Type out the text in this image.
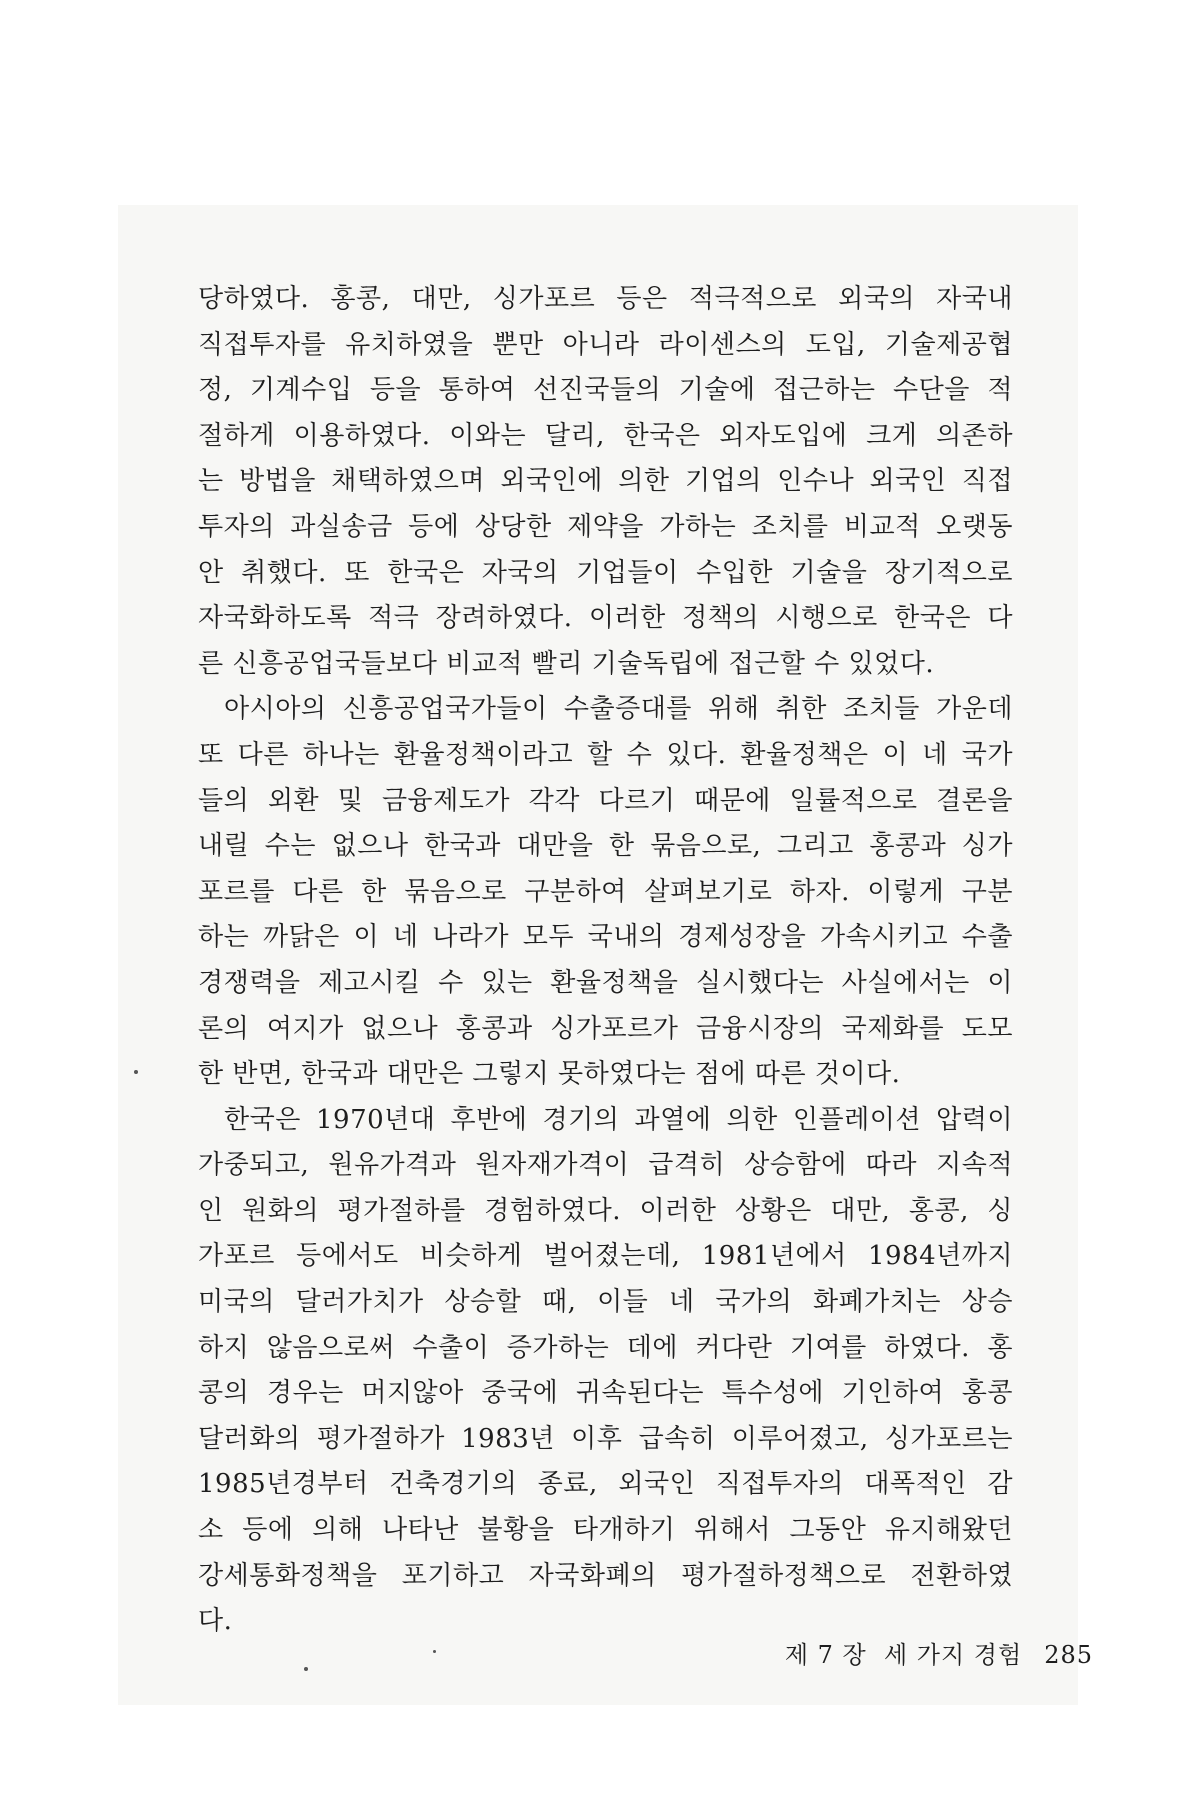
당하였다. 홍콩, 대만, 싱가포르 등은 적극적으로 외국의 자국내
직접투자를 유치하였을 뿐만 아니라 라이센스의 도입, 기술제공협
정, 기계수입 등을 통하여 선진국들의 기술에 접근하는 수단을 적
절하게 이용하였다. 이와는 달리, 한국은 외자도입에 크게 의존하
는 방법을 채택하였으며 외국인에 의한 기업의 인수나 외국인 직접
투자의 과실송금 등에 상당한 제약을 가하는 조치를 비교적 오랫동
안 취했다. 또 한국은 자국의 기업들이 수입한 기술을 장기적으로
자국화하도록 적극 장려하였다. 이러한 정책의 시행으로 한국은 다
른 신흥공업국들보다 비교적 빨리 기술독립에 접근할 수 있었다.
아시아의 신흥공업국가들이 수출증대를 위해 취한 조치들 가운데
또 다른 하나는 환율정책이라고 할 수 있다. 환율정책은 이 네 국가
들의 외환 및 금융제도가 각각 다르기 때문에 일률적으로 결론을
내릴 수는 없으나 한국과 대만을 한 묶음으로, 그리고 홍콩과 싱가
포르를 다른 한 묶음으로 구분하여 살펴보기로 하자. 이렇게 구분
하는 까닭은 이 네 나라가 모두 국내의 경제성장을 가속시키고 수출
경쟁력을 제고시킬 수 있는 환율정책을 실시했다는 사실에서는 이
론의 여지가 없으나 홍콩과 싱가포르가 금융시장의 국제화를 도모
한 반면, 한국과 대만은 그렇지 못하였다는 점에 따른 것이다.
한국은 1970년대 후반에 경기의 과열에 의한 인플레이션 압력이
가중되고, 원유가격과 원자재가격이 급격히 상승함에 따라 지속적
인 원화의 평가절하를 경험하였다. 이러한 상황은 대만, 홍콩, 싱
가포르 등에서도 비슷하게 벌어졌는데, 1981년에서 1984년까지
미국의 달러가치가 상승할 때, 이들 네 국가의 화폐가치는 상승
하지 않음으로써 수출이 증가하는 데에 커다란 기여를 하였다. 홍
콩의 경우는 머지않아 중국에 귀속된다는 특수성에 기인하여 홍콩
달러화의 평가절하가 1983년 이후 급속히 이루어졌고, 싱가포르는
1985년경부터 건축경기의 종료, 외국인 직접투자의 대폭적인 감
소 등에 의해 나타난 불황을 타개하기 위해서 그동안 유지해왔던
강세통화정책을 포기하고 자국화폐의 평가절하정책으로 전환하였
다.
제 7 장  세 가지 경험 285
